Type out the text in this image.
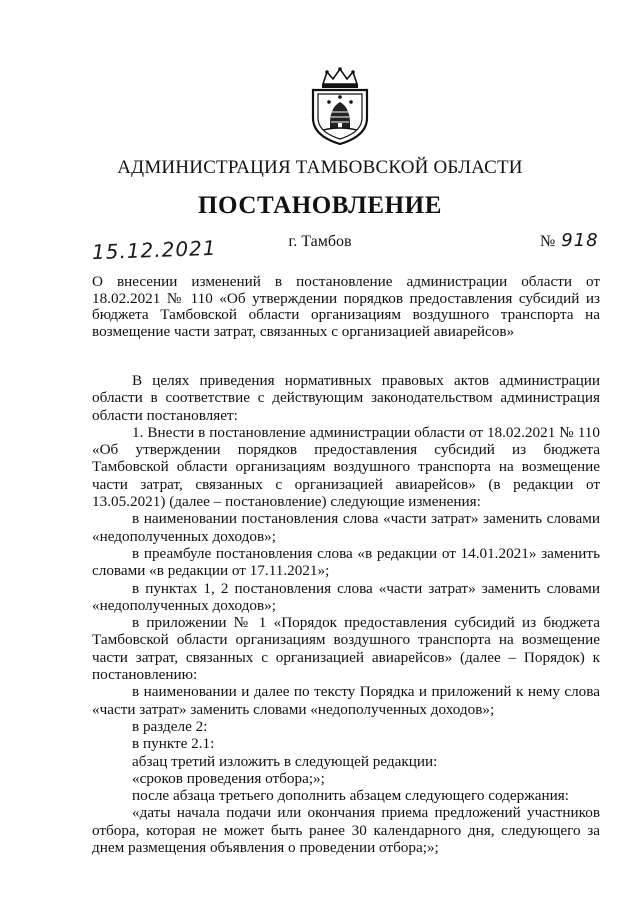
АДМИНИСТРАЦИЯ ТАМБОВСКОЙ ОБЛАСТИ
ПОСТАНОВЛЕНИЕ
15.12.2021	г. Тамбов	№ 918
О внесении изменений в постановление администрации области от 18.02.2021 № 110 «Об утверждении порядков предоставления субсидий из бюджета Тамбовской области организациям воздушного транспорта на возмещение части затрат, связанных с организацией авиарейсов»

В целях приведения нормативных правовых актов администрации области в соответствие с действующим законодательством администрация области постановляет:

1. Внести в постановление администрации области от 18.02.2021 № 110 «Об утверждении порядков предоставления субсидий из бюджета Тамбовской области организациям воздушного транспорта на возмещение части затрат, связанных с организацией авиарейсов» (в редакции от 13.05.2021) (далее – постановление) следующие изменения:

в наименовании постановления слова «части затрат» заменить словами «недополученных доходов»;

в преамбуле постановления слова «в редакции от 14.01.2021» заменить словами «в редакции от 17.11.2021»;

в пунктах 1, 2 постановления слова «части затрат» заменить словами «недополученных доходов»;

в приложении № 1 «Порядок предоставления субсидий из бюджета Тамбовской области организациям воздушного транспорта на возмещение части затрат, связанных с организацией авиарейсов» (далее – Порядок) к постановлению:

в наименовании и далее по тексту Порядка и приложений к нему слова «части затрат» заменить словами «недополученных доходов»;

в разделе 2:

в пункте 2.1:

абзац третий изложить в следующей редакции:

«сроков проведения отбора;»;

после абзаца третьего дополнить абзацем следующего содержания:

«даты начала подачи или окончания приема предложений участников отбора, которая не может быть ранее 30 календарного дня, следующего за днем размещения объявления о проведении отбора;»;
